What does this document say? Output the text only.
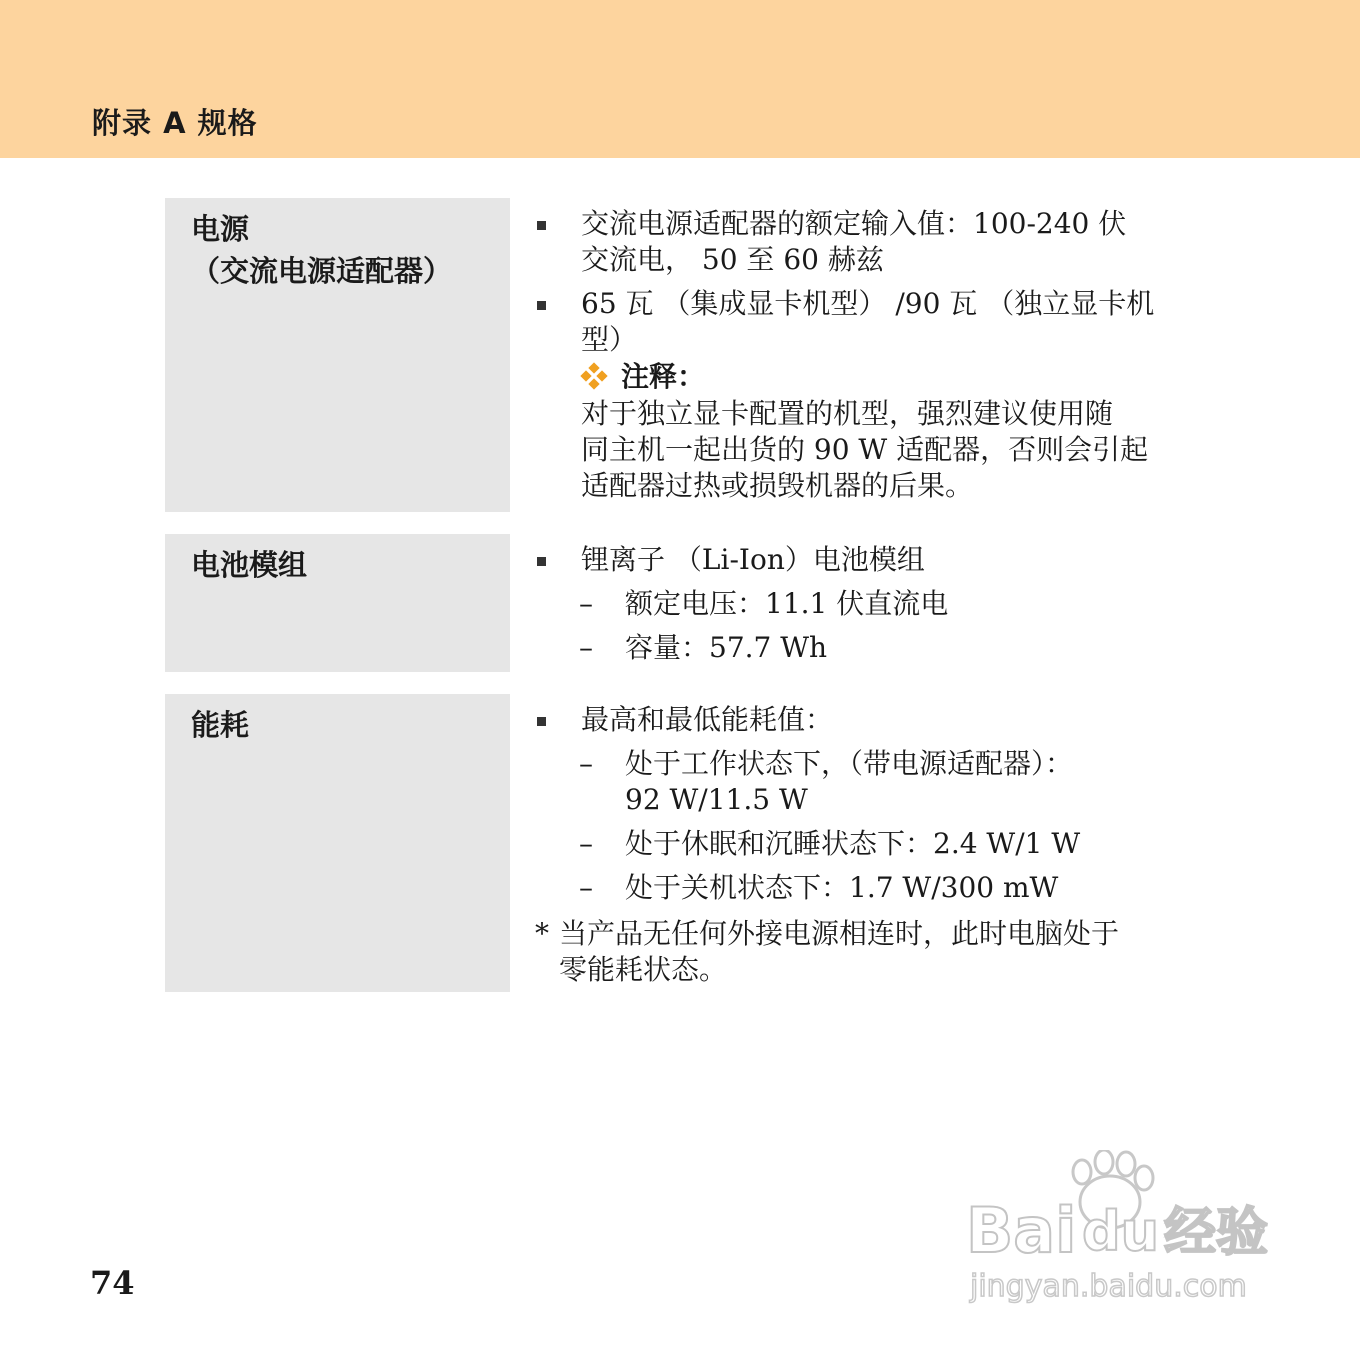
附录 A 规格
电源
（交流电源适配器）
交流电源适配器的额定输入值：100-240 伏
交流电， 50 至 60 赫兹
65 瓦 （集成显卡机型） /90 瓦 （独立显卡机
型）
注释：
对于独立显卡配置的机型，强烈建议使用随
同主机一起出货的 90 W 适配器，否则会引起
适配器过热或损毁机器的后果。
电池模组	锂离子 （Li-Ion）电池模组
– 额定电压：11.1 伏直流电
– 容量：57.7 Wh
能耗	最高和最低能耗值：
– 处于工作状态下，（带电源适配器）：
92 W/11.5 W
– 处于休眠和沉睡状态下：2.4 W/1 W
– 处于关机状态下：1.7 W/300 mW
* 当产品无任何外接电源相连时，此时电脑处于
零能耗状态。
74
Bai du 经验
jingyan.baidu.com
